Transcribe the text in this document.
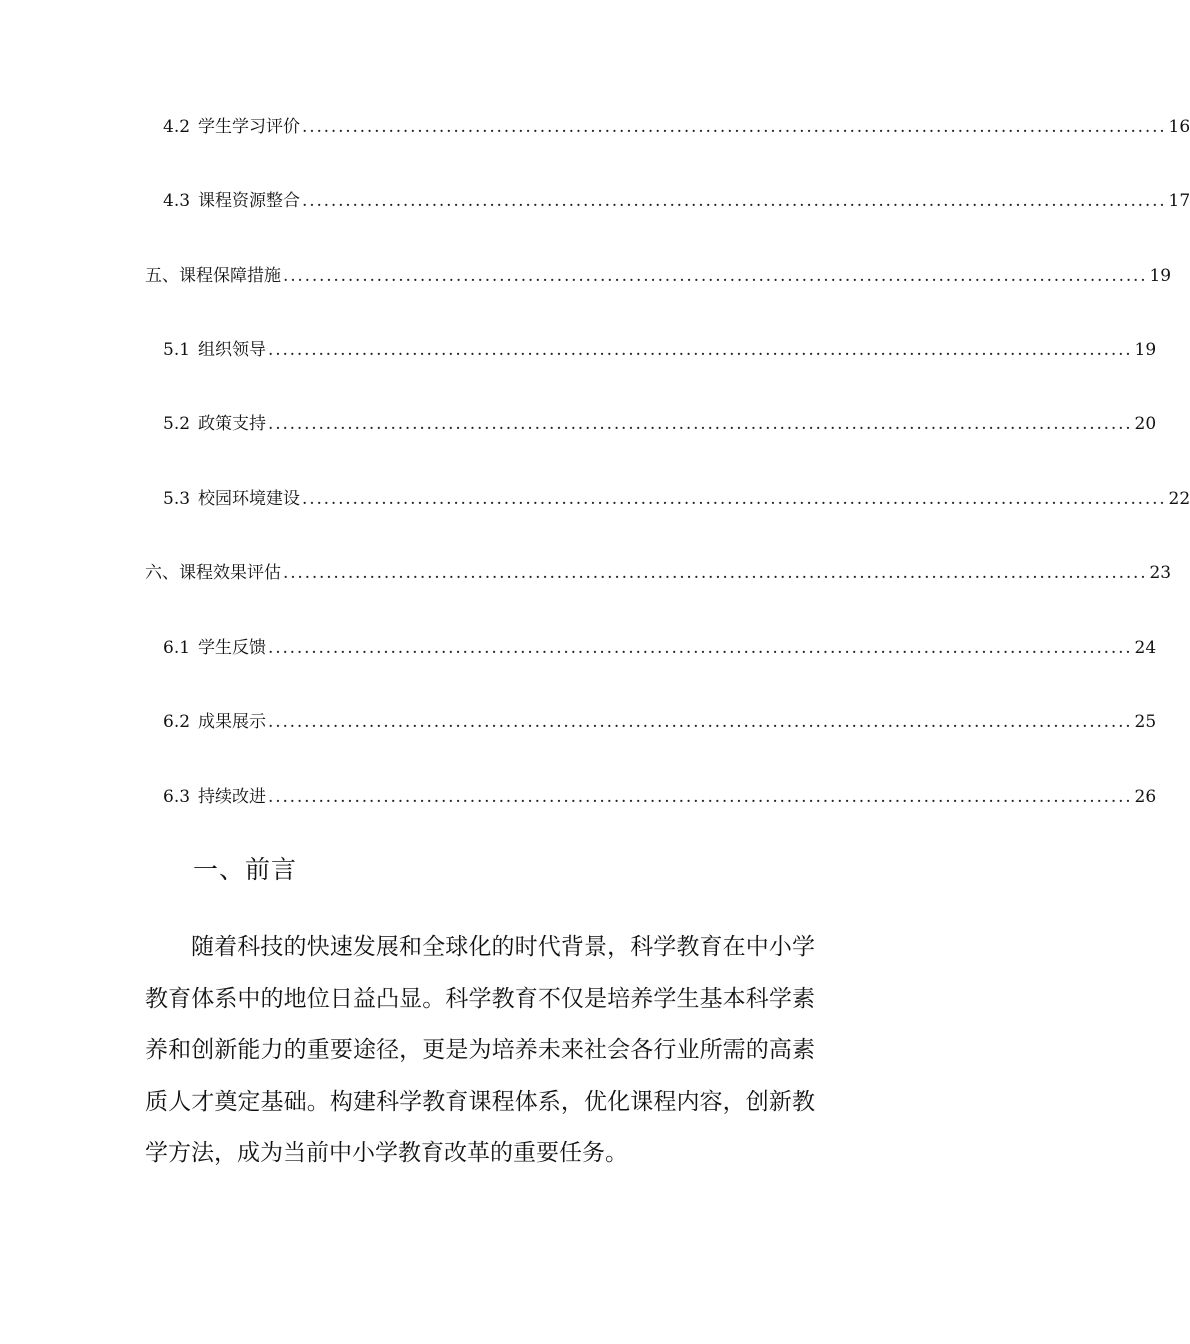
4.2 学生学习评价 ........................................................................................................................ 16
4.3 课程资源整合 ........................................................................................................................ 17
五、课程保障措施 ........................................................................................................................ 19
5.1 组织领导 ........................................................................................................................ 19
5.2 政策支持 ........................................................................................................................ 20
5.3 校园环境建设 ........................................................................................................................ 22
六、课程效果评估 ........................................................................................................................ 23
6.1 学生反馈 ........................................................................................................................ 24
6.2 成果展示 ........................................................................................................................ 25
6.3 持续改进 ........................................................................................................................ 26
一、前言

随着科技的快速发展和全球化的时代背景，科学教育在中小学教育体系中的地位日益凸显。科学教育不仅是培养学生基本科学素养和创新能力的重要途径，更是为培养未来社会各行业所需的高素质人才奠定基础。构建科学教育课程体系，优化课程内容，创新教学方法，成为当前中小学教育改革的重要任务。
